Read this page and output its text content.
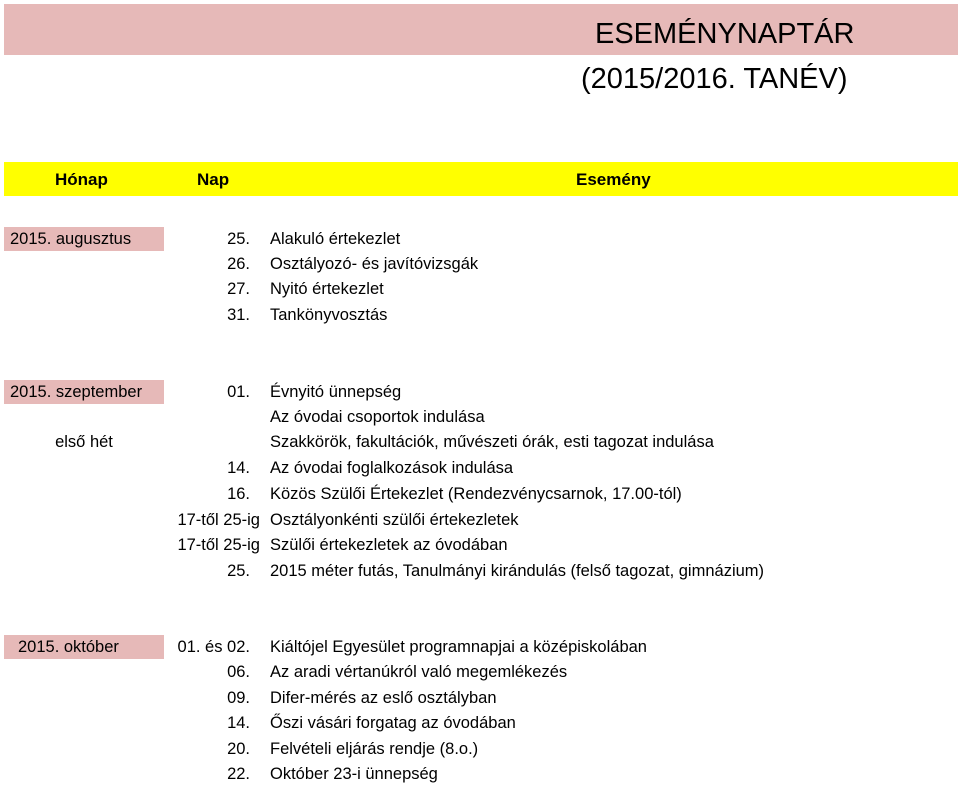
ESEMÉNYNAPTÁR
(2015/2016. TANÉV)
Hónap	Nap	Esemény
2015. augusztus	25. Alakuló értekezlet
26. Osztályozó- és javítóvizsgák
27. Nyitó értekezlet
31. Tankönyvosztás
2015. szeptember
első hét
01. Évnyitó ünnepség
Az óvodai csoportok indulása
Szakkörök, fakultációk, művészeti órák, esti tagozat indulása
14. Az óvodai foglalkozások indulása
16. Közös Szülői Értekezlet (Rendezvénycsarnok, 17.00-tól)
17-től 25-ig Osztályonkénti szülői értekezletek
17-től 25-ig Szülői értekezletek az óvodában
25. 2015 méter futás, Tanulmányi kirándulás (felső tagozat, gimnázium)
2015. október	01. és 02. Kiáltójel Egyesület programnapjai a középiskolában
06. Az aradi vértanúkról való megemlékezés
09. Difer-mérés az eslő osztályban
14. Őszi vásári forgatag az óvodában
20. Felvételi eljárás rendje (8.o.)
22. Október 23-i ünnepség
